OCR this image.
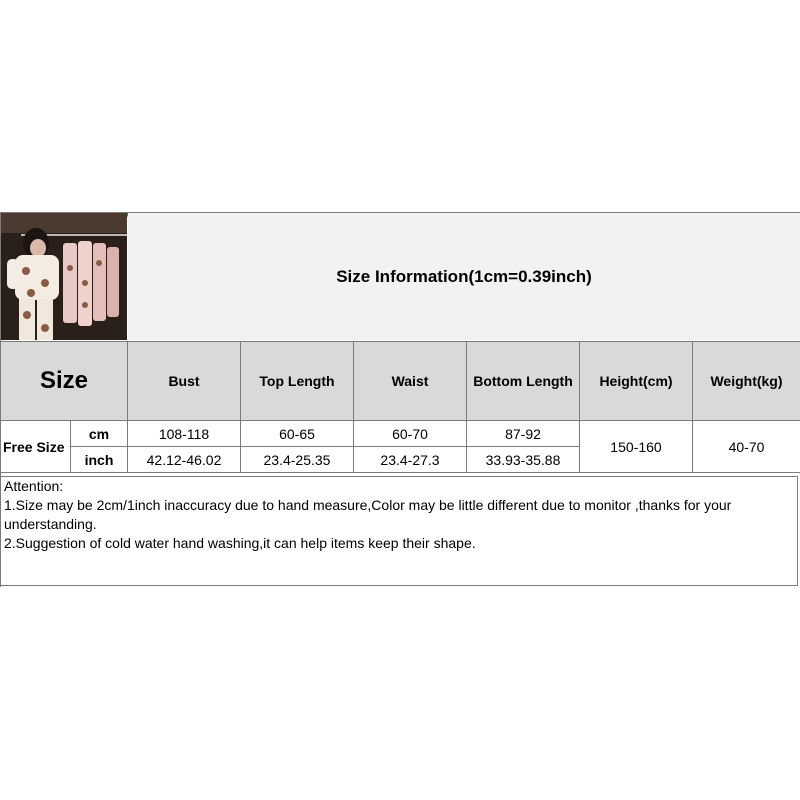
Size Information(1cm=0.39inch)
Size		Bust	Top Length	Waist	Bottom Length	Height(cm)	Weight(kg)
Free Size	cm	108-118	60-65	60-70	87-92	150-160	40-70
	inch	42.12-46.02	23.4-25.35	23.4-27.3	33.93-35.88		
Attention:
1.Size may be 2cm/1inch inaccuracy due to hand measure,Color may be little different due to monitor ,thanks for your understanding.
2.Suggestion of cold water hand washing,it can help items keep their shape.
